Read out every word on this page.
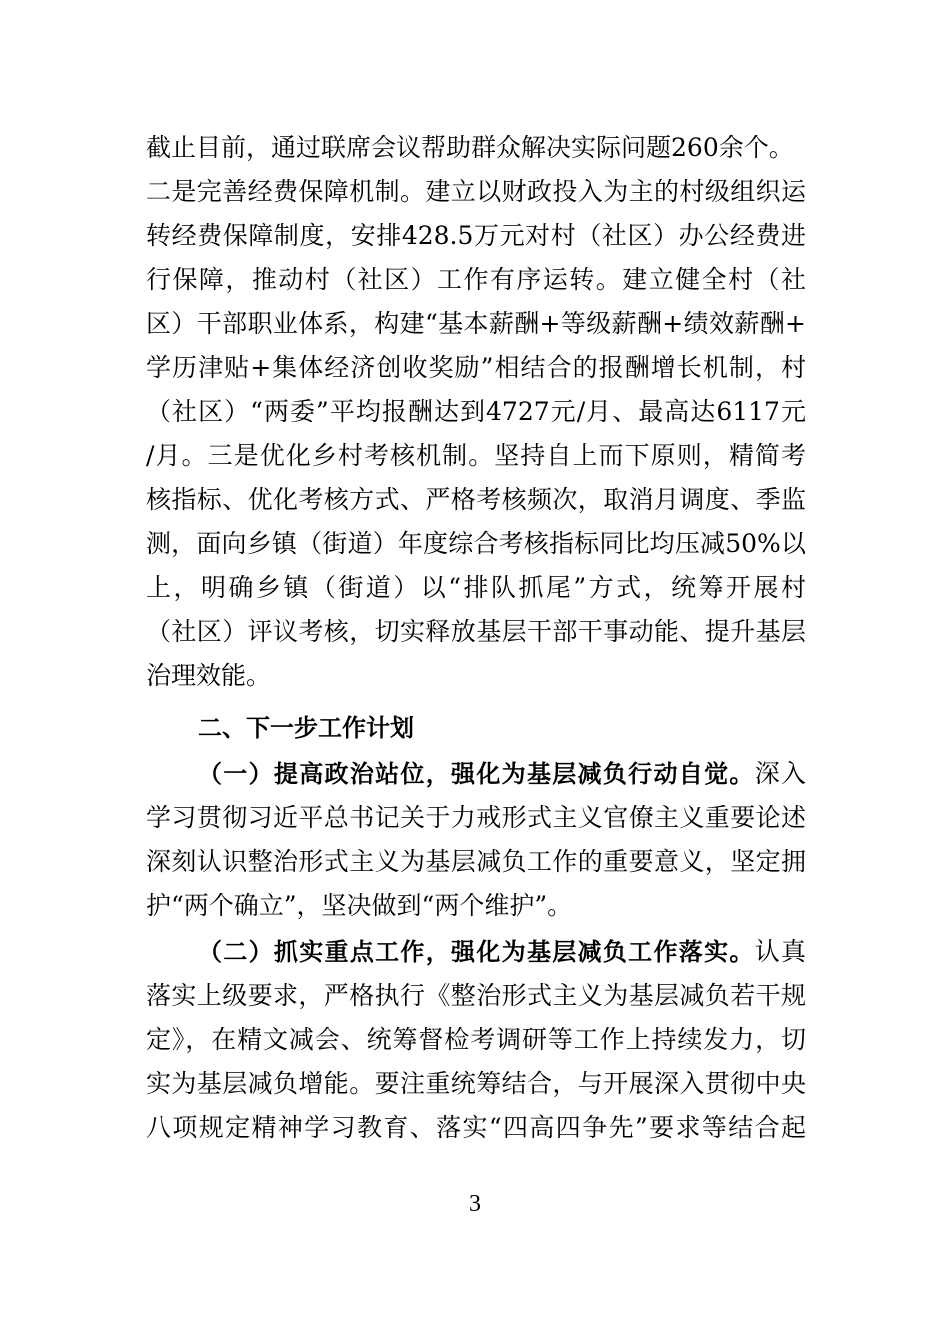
截止目前，通过联席会议帮助群众解决实际问题260余个。
二是完善经费保障机制。建立以财政投入为主的村级组织运
转经费保障制度，安排428.5万元对村（社区）办公经费进
行保障，推动村（社区）工作有序运转。建立健全村（社
区）干部职业体系，构建“基本薪酬+等级薪酬+绩效薪酬+
学历津贴+集体经济创收奖励”相结合的报酬增长机制，村
（社区）“两委”平均报酬达到4727元/月、最高达6117元
/月。三是优化乡村考核机制。坚持自上而下原则，精简考
核指标、优化考核方式、严格考核频次，取消月调度、季监
测，面向乡镇（街道）年度综合考核指标同比均压减50%以
上，明确乡镇（街道）以“排队抓尾”方式，统筹开展村
（社区）评议考核，切实释放基层干部干事动能、提升基层
治理效能。
二、下一步工作计划
（一）提高政治站位，强化为基层减负行动自觉。深入
学习贯彻习近平总书记关于力戒形式主义官僚主义重要论述
深刻认识整治形式主义为基层减负工作的重要意义，坚定拥
护“两个确立”，坚决做到“两个维护”。
（二）抓实重点工作，强化为基层减负工作落实。认真
落实上级要求，严格执行《整治形式主义为基层减负若干规
定》，在精文减会、统筹督检考调研等工作上持续发力，切
实为基层减负增能。要注重统筹结合，与开展深入贯彻中央
八项规定精神学习教育、落实“四高四争先”要求等结合起
3
